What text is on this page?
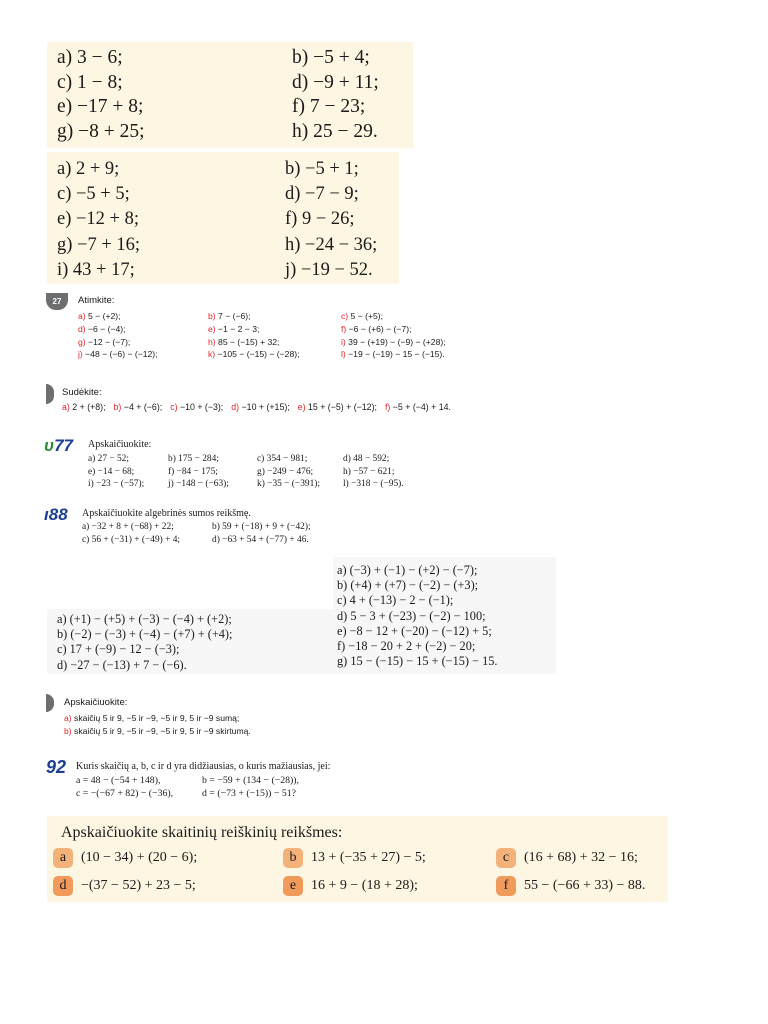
a) 3 − 6;	b) −5 + 4;
c) 1 − 8;	d) −9 + 11;
e) −17 + 8;	f) 7 − 23;
g) −8 + 25;	h) 25 − 29.
a) 2 + 9;	b) −5 + 1;
c) −5 + 5;	d) −7 − 9;
e) −12 + 8;	f) 9 − 26;
g) −7 + 16;	h) −24 − 36;
i) 43 + 17;	j) −19 − 52.
27	Atimkite:
a) 5 − (+2);	b) 7 − (−6);	c) 5 − (+5);
d) −6 − (−4);	e) −1 − 2 − 3;	f) −6 − (+6) − (−7);
g) −12 − (−7);	h) 85 − (−15) + 32;	i) 39 − (+19) − (−9) − (+28);
j) −48 − (−6) − (−12);	k) −105 − (−15) − (−28);	l) −19 − (−19) − 15 − (−15).
Sudėkite:
a) 2 + (+8); b) −4 + (−6); c) −10 + (−3); d) −10 + (+15); e) 15 + (−5) + (−12); f) −5 + (−4) + 14.
ᴜ77 Apskaičiuokite:
a) 27 − 52;	b) 175 − 284;	c) 354 − 981;	d) 48 − 592;
e) −14 − 68;	f) −84 − 175;	g) −249 − 476;	h) −57 − 621;
i) −23 − (−57);	j) −148 − (−63);	k) −35 − (−391);	l) −318 − (−95).
ı88 Apskaičiuokite algebrinės sumos reikšmę.
a) −32 + 8 + (−68) + 22;	b) 59 + (−18) + 9 + (−42);
c) 56 + (−31) + (−49) + 4;	d) −63 + 54 + (−77) + 46.
a) (−3) + (−1) − (+2) − (−7);
b) (+4) + (+7) − (−2) − (+3);
c) 4 + (−13) − 2 − (−1);
d) 5 − 3 + (−23) − (−2) − 100;
e) −8 − 12 + (−20) − (−12) + 5;
f) −18 − 20 + 2 + (−2) − 20;
g) 15 − (−15) − 15 + (−15) − 15.
a) (+1) − (+5) + (−3) − (−4) + (+2);
b) (−2) − (−3) + (−4) − (+7) + (+4);
c) 17 + (−9) − 12 − (−3);
d) −27 − (−13) + 7 − (−6).
Apskaičiuokite:
a) skaičių 5 ir 9, −5 ir −9, −5 ir 9, 5 ir −9 sumą;
b) skaičių 5 ir 9, −5 ir −9, −5 ir 9, 5 ir −9 skirtumą.
92 Kuris skaičių a, b, c ir d yra didžiausias, o kuris mažiausias, jei:
a = 48 − (−54 + 148),	b = −59 + (134 − (−28)),
c = −(−67 + 82) − (−36),	d = (−73 + (−15)) − 51?
Apskaičiuokite skaitinių reiškinių reikšmes:
a	(10 − 34) + (20 − 6);	b	13 + (−35 + 27) − 5;	c	(16 + 68) + 32 − 16;
d	−(37 − 52) + 23 − 5;	e	16 + 9 − (18 + 28);	f	55 − (−66 + 33) − 88.
